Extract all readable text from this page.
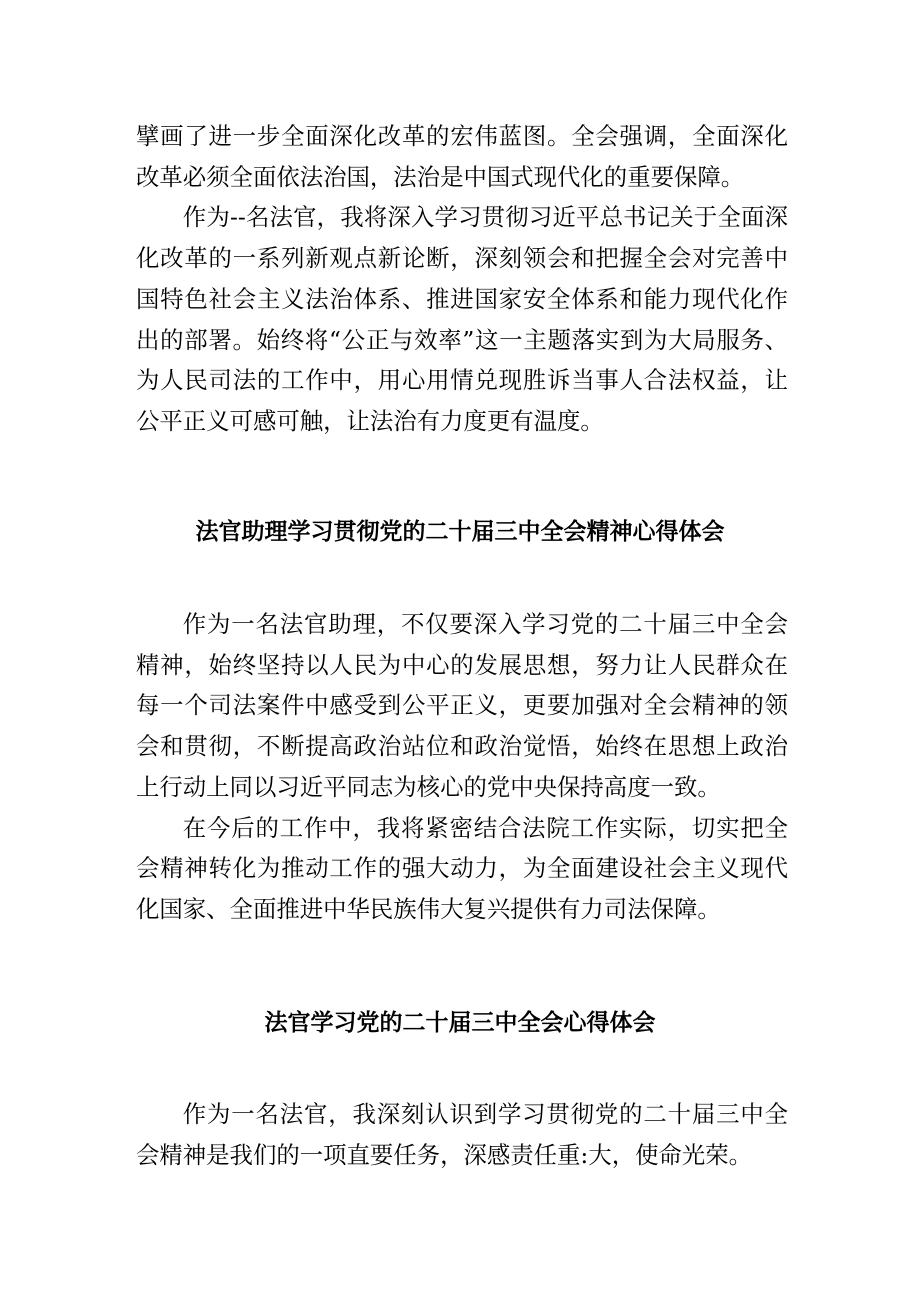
擘画了进一步全面深化改革的宏伟蓝图。全会强调，全面深化改革必须全面依法治国，法治是中国式现代化的重要保障。

作为--名法官，我将深入学习贯彻习近平总书记关于全面深化改革的一系列新观点新论断，深刻领会和把握全会对完善中国特色社会主义法治体系、推进国家安全体系和能力现代化作出的部署。始终将“公正与效率”这一主题落实到为大局服务、为人民司法的工作中，用心用情兑现胜诉当事人合法权益，让公平正义可感可触，让法治有力度更有温度。

法官助理学习贯彻党的二十届三中全会精神心得体会

作为一名法官助理，不仅要深入学习党的二十届三中全会精神，始终坚持以人民为中心的发展思想，努力让人民群众在每一个司法案件中感受到公平正义，更要加强对全会精神的领会和贯彻，不断提高政治站位和政治觉悟，始终在思想上政治上行动上同以习近平同志为核心的党中央保持高度一致。

在今后的工作中，我将紧密结合法院工作实际，切实把全会精神转化为推动工作的强大动力，为全面建设社会主义现代化国家、全面推进中华民族伟大复兴提供有力司法保障。

法官学习党的二十届三中全会心得体会

作为一名法官，我深刻认识到学习贯彻党的二十届三中全会精神是我们的一项直要任务，深感责任重:大，使命光荣。
